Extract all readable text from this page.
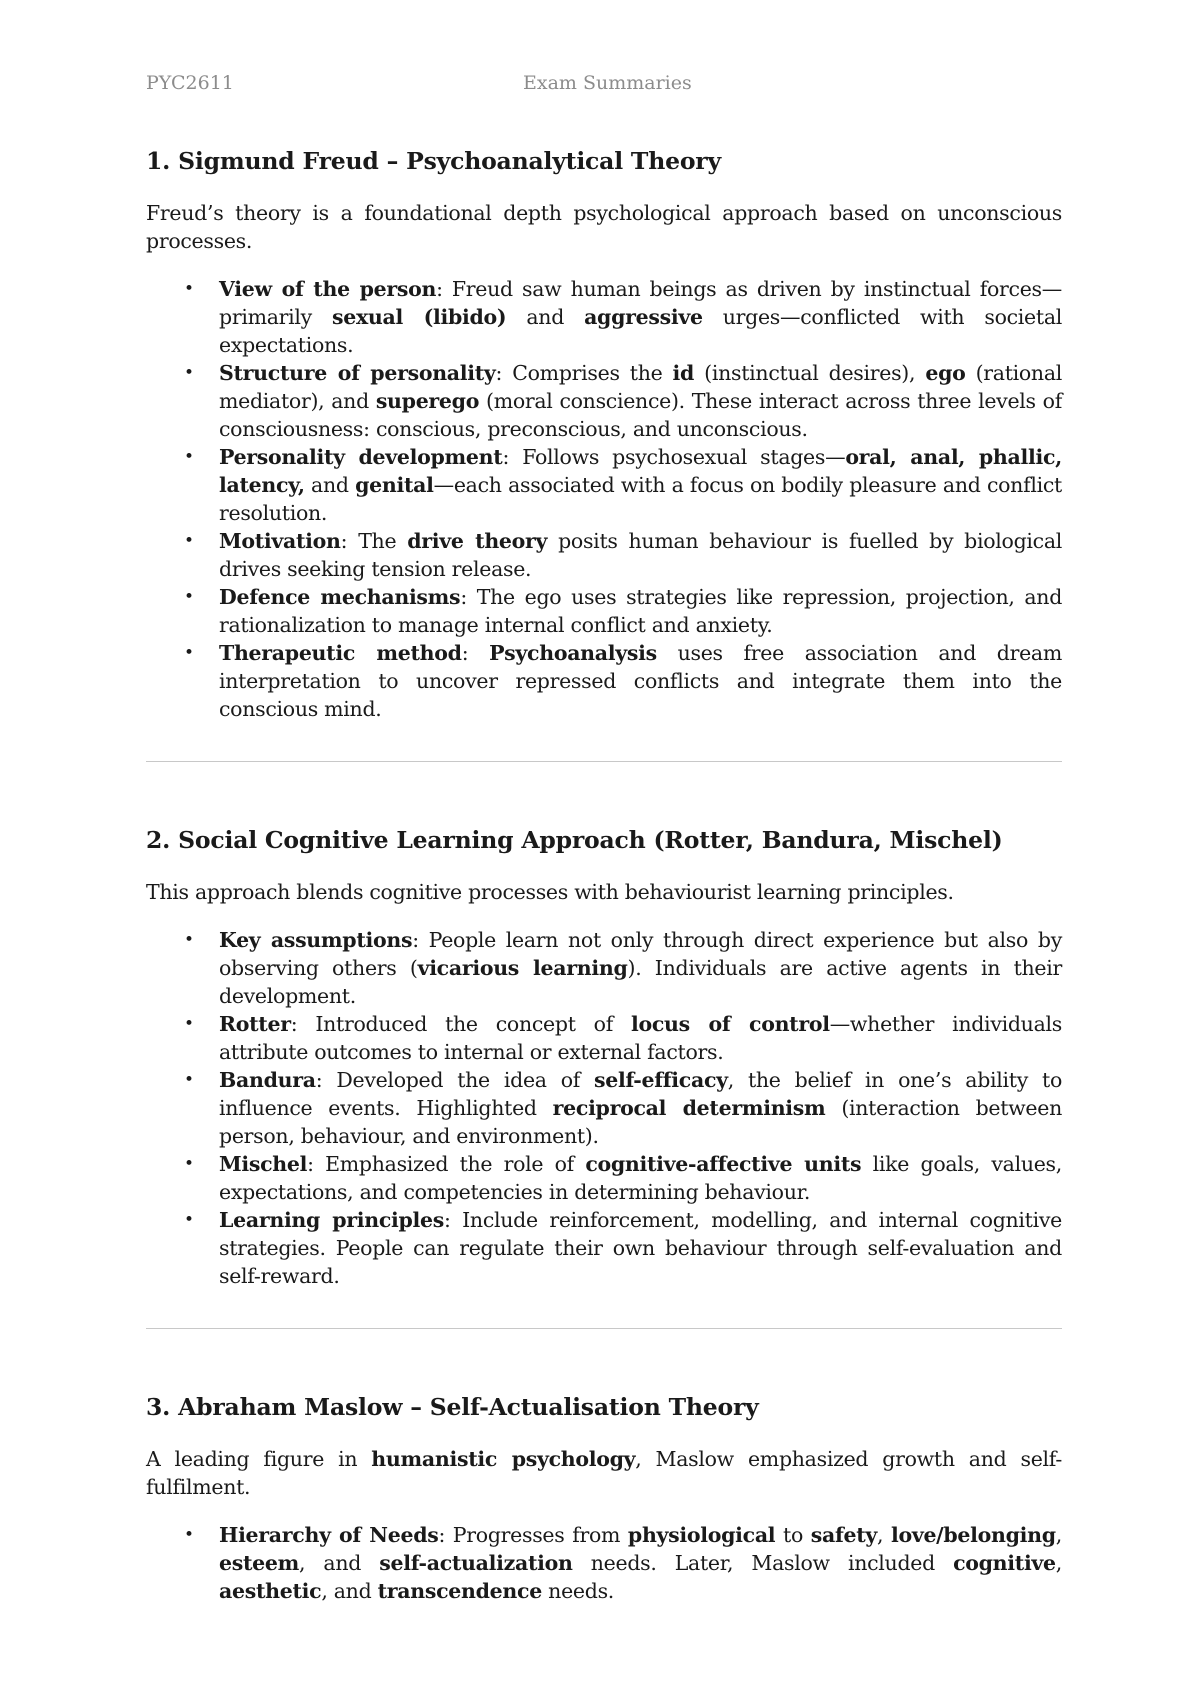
PYC2611	Exam Summaries
1. Sigmund Freud – Psychoanalytical Theory

Freud’s theory is a foundational depth psychological approach based on unconscious processes.

• View of the person: Freud saw human beings as driven by instinctual forces—primarily sexual (libido) and aggressive urges—conflicted with societal expectations.
• Structure of personality: Comprises the id (instinctual desires), ego (rational mediator), and superego (moral conscience). These interact across three levels of consciousness: conscious, preconscious, and unconscious.
• Personality development: Follows psychosexual stages—oral, anal, phallic, latency, and genital—each associated with a focus on bodily pleasure and conflict resolution.
• Motivation: The drive theory posits human behaviour is fuelled by biological drives seeking tension release.
• Defence mechanisms: The ego uses strategies like repression, projection, and rationalization to manage internal conflict and anxiety.
• Therapeutic method: Psychoanalysis uses free association and dream interpretation to uncover repressed conflicts and integrate them into the conscious mind.
2. Social Cognitive Learning Approach (Rotter, Bandura, Mischel)

This approach blends cognitive processes with behaviourist learning principles.

• Key assumptions: People learn not only through direct experience but also by observing others (vicarious learning). Individuals are active agents in their development.
• Rotter: Introduced the concept of locus of control—whether individuals attribute outcomes to internal or external factors.
• Bandura: Developed the idea of self-efficacy, the belief in one’s ability to influence events. Highlighted reciprocal determinism (interaction between person, behaviour, and environment).
• Mischel: Emphasized the role of cognitive-affective units like goals, values, expectations, and competencies in determining behaviour.
• Learning principles: Include reinforcement, modelling, and internal cognitive strategies. People can regulate their own behaviour through self-evaluation and self-reward.
3. Abraham Maslow – Self-Actualisation Theory

A leading figure in humanistic psychology, Maslow emphasized growth and self-fulfilment.

• Hierarchy of Needs: Progresses from physiological to safety, love/belonging, esteem, and self-actualization needs. Later, Maslow included cognitive, aesthetic, and transcendence needs.
